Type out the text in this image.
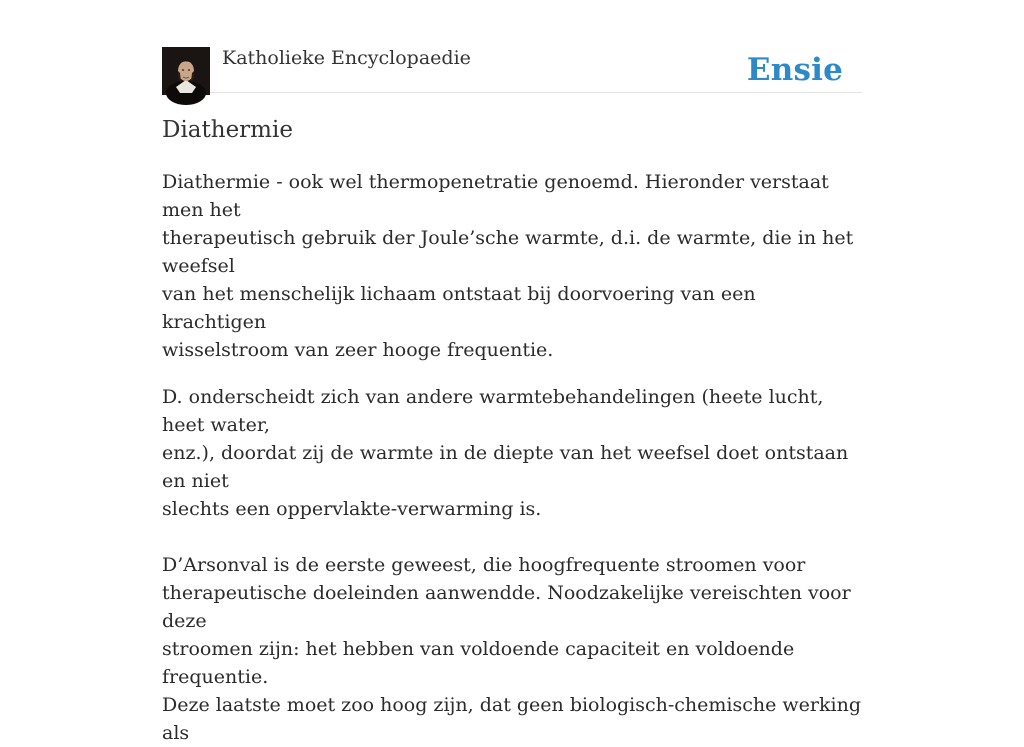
Katholieke Encyclopaedie	Ensie
Diathermie

Diathermie - ook wel thermopenetratie genoemd. Hieronder verstaat men het
therapeutisch gebruik der Joule’sche warmte, d.i. de warmte, die in het weefsel
van het menschelijk lichaam ontstaat bij doorvoering van een krachtigen
wisselstroom van zeer hooge frequentie.

D. onderscheidt zich van andere warmtebehandelingen (heete lucht, heet water,
enz.), doordat zij de warmte in de diepte van het weefsel doet ontstaan en niet
slechts een oppervlakte-verwarming is.

D’Arsonval is de eerste geweest, die hoogfrequente stroomen voor
therapeutische doeleinden aanwendde. Noodzakelijke vereischten voor deze
stroomen zijn: het hebben van voldoende capaciteit en voldoende frequentie.
Deze laatste moet zoo hoog zijn, dat geen biologisch-chemische werking als
